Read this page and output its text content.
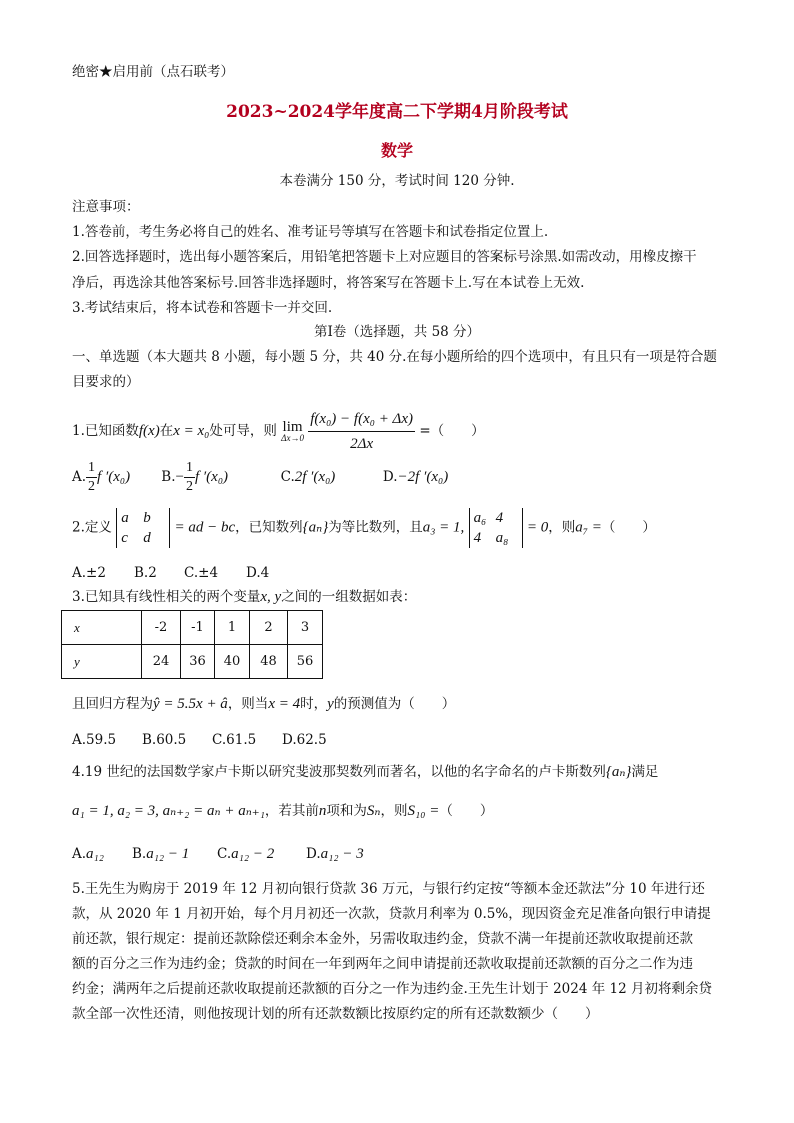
绝密★启用前（点石联考）
2023~2024学年度高二下学期4月阶段考试
数学
本卷满分 150 分，考试时间 120 分钟.
注意事项：
1.答卷前，考生务必将自己的姓名、准考证号等填写在答题卡和试卷指定位置上.
2.回答选择题时，选出每小题答案后，用铅笔把答题卡上对应题目的答案标号涂黑.如需改动，用橡皮擦干
净后，再选涂其他答案标号.回答非选择题时，将答案写在答题卡上.写在本试卷上无效.
3.考试结束后，将本试卷和答题卡一并交回.
第Ⅰ卷（选择题，共 58 分）
一、单选题（本大题共 8 小题，每小题 5 分，共 40 分.在每小题所给的四个选项中，有且只有一项是符合题
目要求的）
1.已知函数f(x)在x = x₀处可导，则 lim
Δx→0
$\frac{\text{f(x₀) − f(x₀ + Δx)}}{2\Delta x}$ =（　　）
A. $\frac{1}{2}$ f ′(x₀) $B.- \frac{1}{2}$ f ′(x₀)	C.2f ′(x₀)	D.−2f ′(x₀)
2.定义 a b
c d = ad − bc，已知数列{aₙ}为等比数列，且a₃ = 1, a₆ 4
4 a₈ = 0，则a₇ =（　　）
A.±2 B.2 C.±4 D.4
3.已知具有线性相关的两个变量x, y之间的一组数据如表：
x	-2	-1	1	2	3
y	24	36	40	48	56
且回归方程为ŷ = 5.5x + â，则当x = 4时，y的预测值为（　　）
A.59.5 B.60.5 C.61.5 D.62.5
4.19 世纪的法国数学家卢卡斯以研究斐波那契数列而著名，以他的名字命名的卢卡斯数列{aₙ}满足
a₁ = 1, a₂ = 3, aₙ₊₂ = aₙ + aₙ₊₁，若其前n项和为Sₙ，则S₁₀ =（　　）
A.a₁₂ B.a₁₂ − 1 C.a₁₂ − 2 D.a₁₂ − 3
5.王先生为购房于 2019 年 12 月初向银行贷款 36 万元，与银行约定按“等额本金还款法”分 10 年进行还
款，从 2020 年 1 月初开始，每个月月初还一次款，贷款月利率为 0.5%，现因资金充足准备向银行申请提
前还款，银行规定：提前还款除偿还剩余本金外，另需收取违约金，贷款不满一年提前还款收取提前还款
额的百分之三作为违约金；贷款的时间在一年到两年之间申请提前还款收取提前还款额的百分之二作为违
约金；满两年之后提前还款收取提前还款额的百分之一作为违约金.王先生计划于 2024 年 12 月初将剩余贷
款全部一次性还清，则他按现计划的所有还款数额比按原约定的所有还款数额少（　　）
